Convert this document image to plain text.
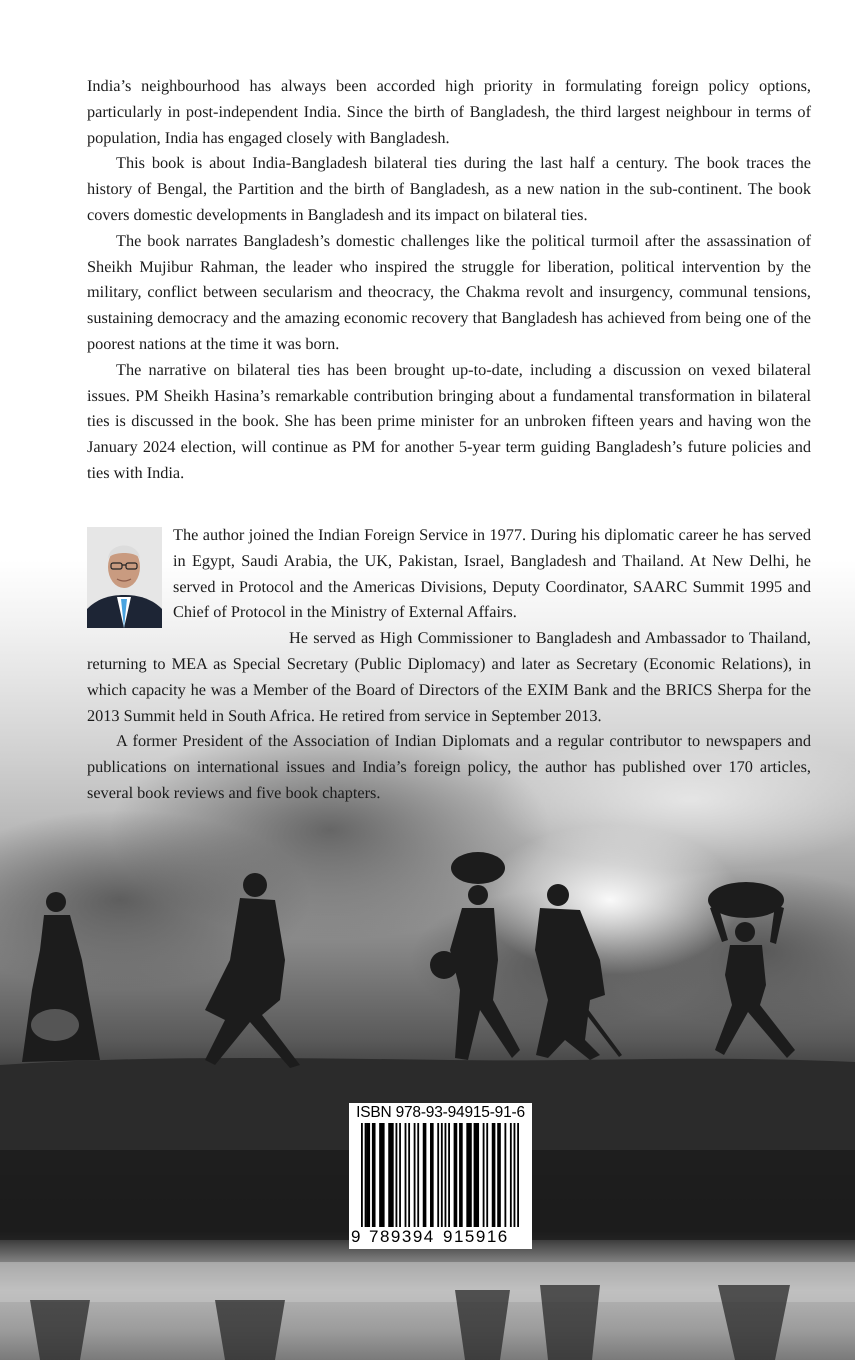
India’s neighbourhood has always been accorded high priority in formulating foreign policy options, particularly in post-independent India. Since the birth of Bangladesh, the third largest neighbour in terms of population, India has engaged closely with Bangladesh.

This book is about India-Bangladesh bilateral ties during the last half a century. The book traces the history of Bengal, the Partition and the birth of Bangladesh, as a new nation in the sub-continent. The book covers domestic developments in Bangladesh and its impact on bilateral ties.

The book narrates Bangladesh’s domestic challenges like the political turmoil after the assassination of Sheikh Mujibur Rahman, the leader who inspired the struggle for liberation, political intervention by the military, conflict between secularism and theocracy, the Chakma revolt and insurgency, communal tensions, sustaining democracy and the amazing economic recovery that Bangladesh has achieved from being one of the poorest nations at the time it was born.

The narrative on bilateral ties has been brought up-to-date, including a discussion on vexed bilateral issues. PM Sheikh Hasina’s remarkable contribution bringing about a fundamental transformation in bilateral ties is discussed in the book. She has been prime minister for an unbroken fifteen years and having won the January 2024 election, will continue as PM for another 5-year term guiding Bangladesh’s future policies and ties with India.

The author joined the Indian Foreign Service in 1977. During his diplomatic career he has served in Egypt, Saudi Arabia, the UK, Pakistan, Israel, Bangladesh and Thailand. At New Delhi, he served in Protocol and the Americas Divisions, Deputy Coordinator, SAARC Summit 1995 and Chief of Protocol in the Ministry of External Affairs.

He served as High Commissioner to Bangladesh and Ambassador to Thailand, returning to MEA as Special Secretary (Public Diplomacy) and later as Secretary (Economic Relations), in which capacity he was a Member of the Board of Directors of the EXIM Bank and the BRICS Sherpa for the 2013 Summit held in South Africa. He retired from service in September 2013.

A former President of the Association of Indian Diplomats and a regular contributor to newspapers and publications on international issues and India’s foreign policy, the author has published over 170 articles, several book reviews and five book chapters.

ISBN 978-93-94915-91-6
9 789394 915916
